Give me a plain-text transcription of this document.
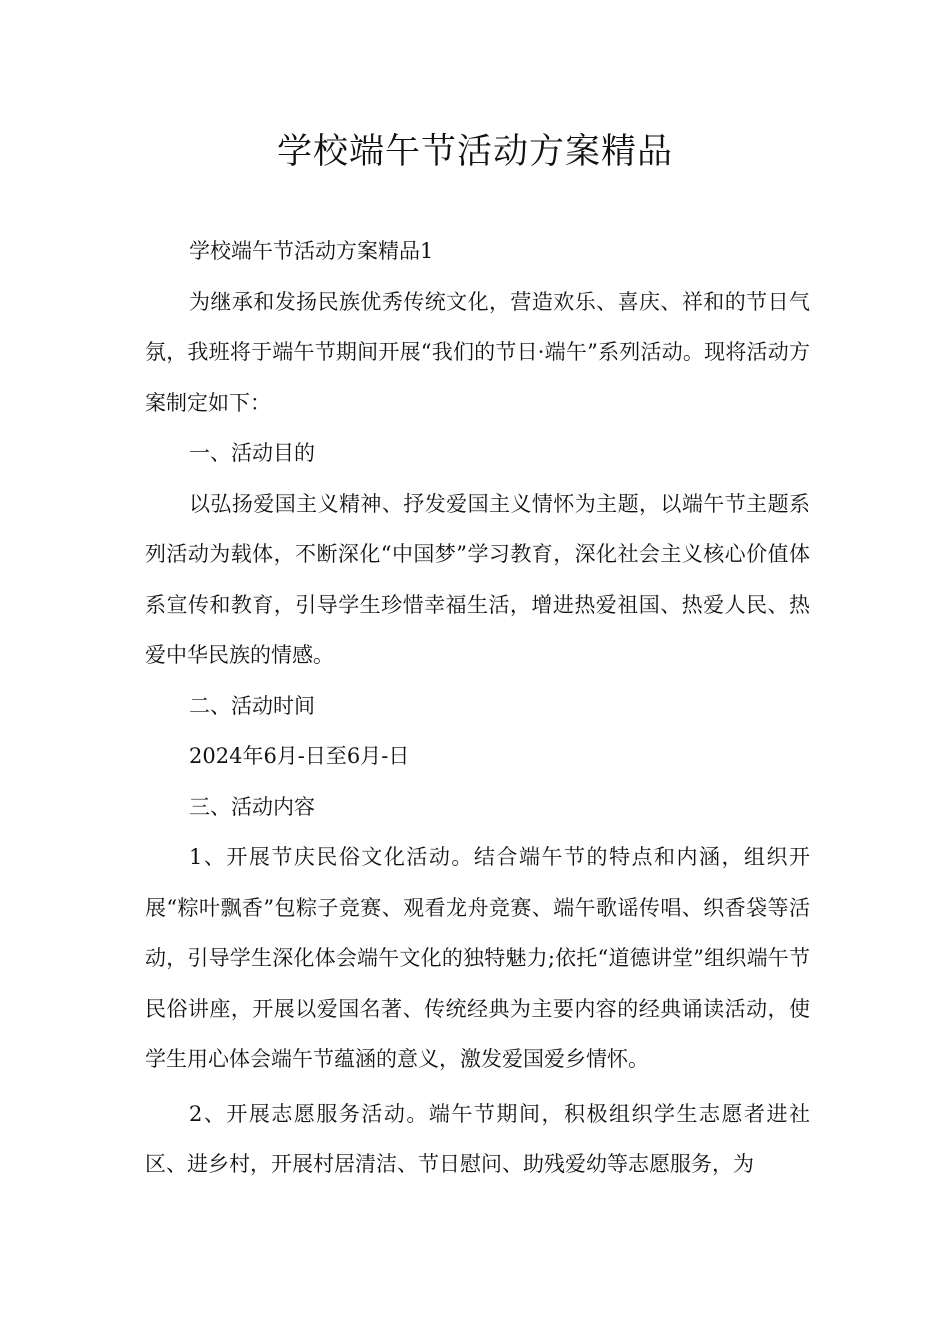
学校端午节活动方案精品

学校端午节活动方案精品1

为继承和发扬民族优秀传统文化，营造欢乐、喜庆、祥和的节日气氛，我班将于端午节期间开展“我们的节日·端午”系列活动。现将活动方案制定如下：

一、活动目的

以弘扬爱国主义精神、抒发爱国主义情怀为主题，以端午节主题系列活动为载体，不断深化“中国梦”学习教育，深化社会主义核心价值体系宣传和教育，引导学生珍惜幸福生活，增进热爱祖国、热爱人民、热爱中华民族的情感。

二、活动时间

2024年6月-日至6月-日

三、活动内容

1、开展节庆民俗文化活动。结合端午节的特点和内涵，组织开展“粽叶飘香”包粽子竞赛、观看龙舟竞赛、端午歌谣传唱、织香袋等活动，引导学生深化体会端午文化的独特魅力;依托“道德讲堂”组织端午节民俗讲座，开展以爱国名著、传统经典为主要内容的经典诵读活动，使学生用心体会端午节蕴涵的意义，激发爱国爱乡情怀。

2、开展志愿服务活动。端午节期间，积极组织学生志愿者进社区、进乡村，开展村居清洁、节日慰问、助残爱幼等志愿服务，为
